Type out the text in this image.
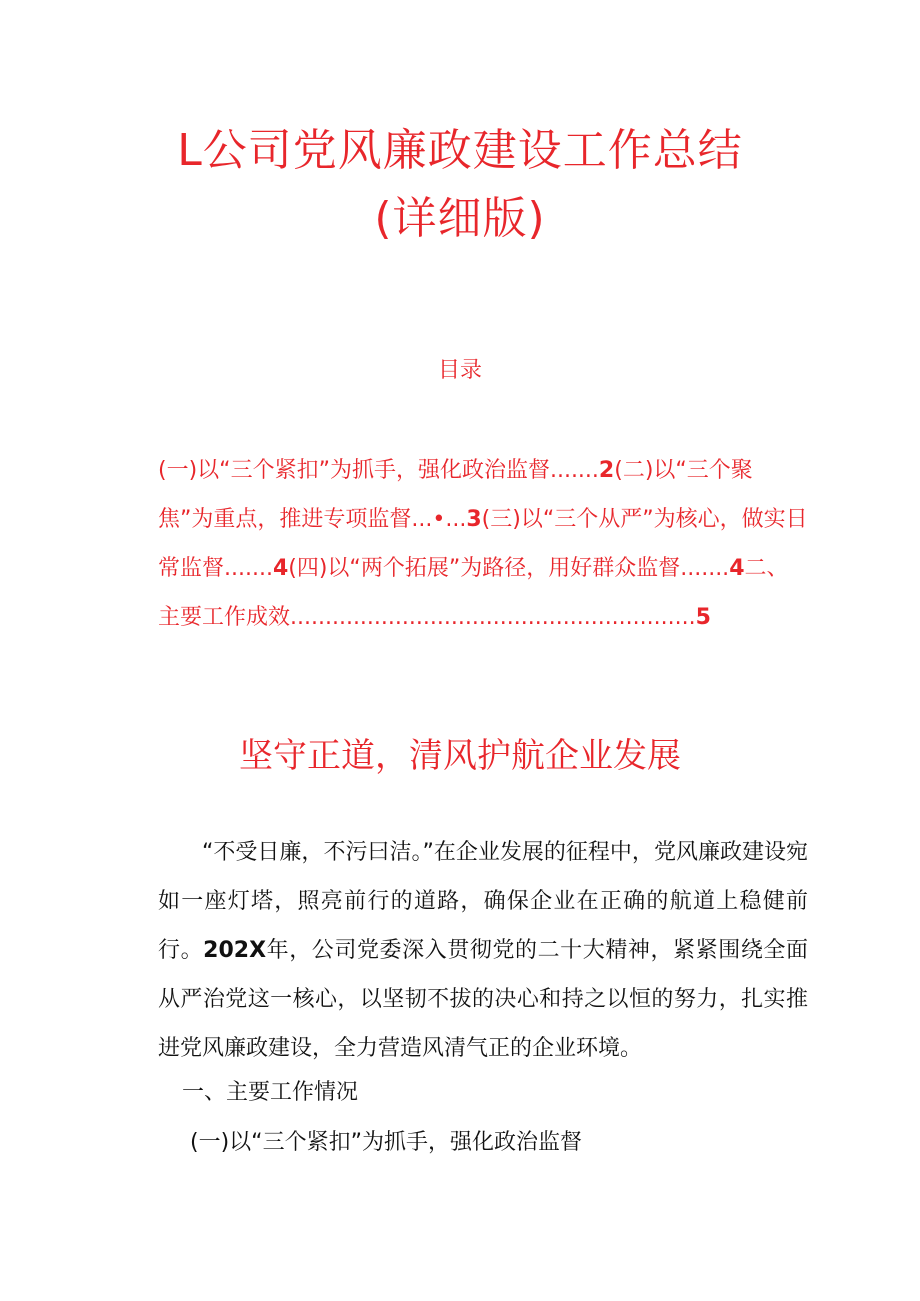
L公司党风廉政建设工作总结
(详细版)
目录
(一)以“三个紧扣”为抓手，强化政治监督.......2(二)以“三个聚焦”为重点，推进专项监督...•...3(三)以“三个从严”为核心，做实日常监督.......4(四)以“两个拓展”为路径，用好群众监督.......4二、主要工作成效..........................................................5
坚守正道，清风护航企业发展
“不受日廉，不污曰洁。”在企业发展的征程中，党风廉政建设宛如一座灯塔，照亮前行的道路，确保企业在正确的航道上稳健前行。202X年，公司党委深入贯彻党的二十大精神，紧紧围绕全面从严治党这一核心，以坚韧不拔的决心和持之以恒的努力，扎实推进党风廉政建设，全力营造风清气正的企业环境。
一、主要工作情况
(一)以“三个紧扣”为抓手，强化政治监督
